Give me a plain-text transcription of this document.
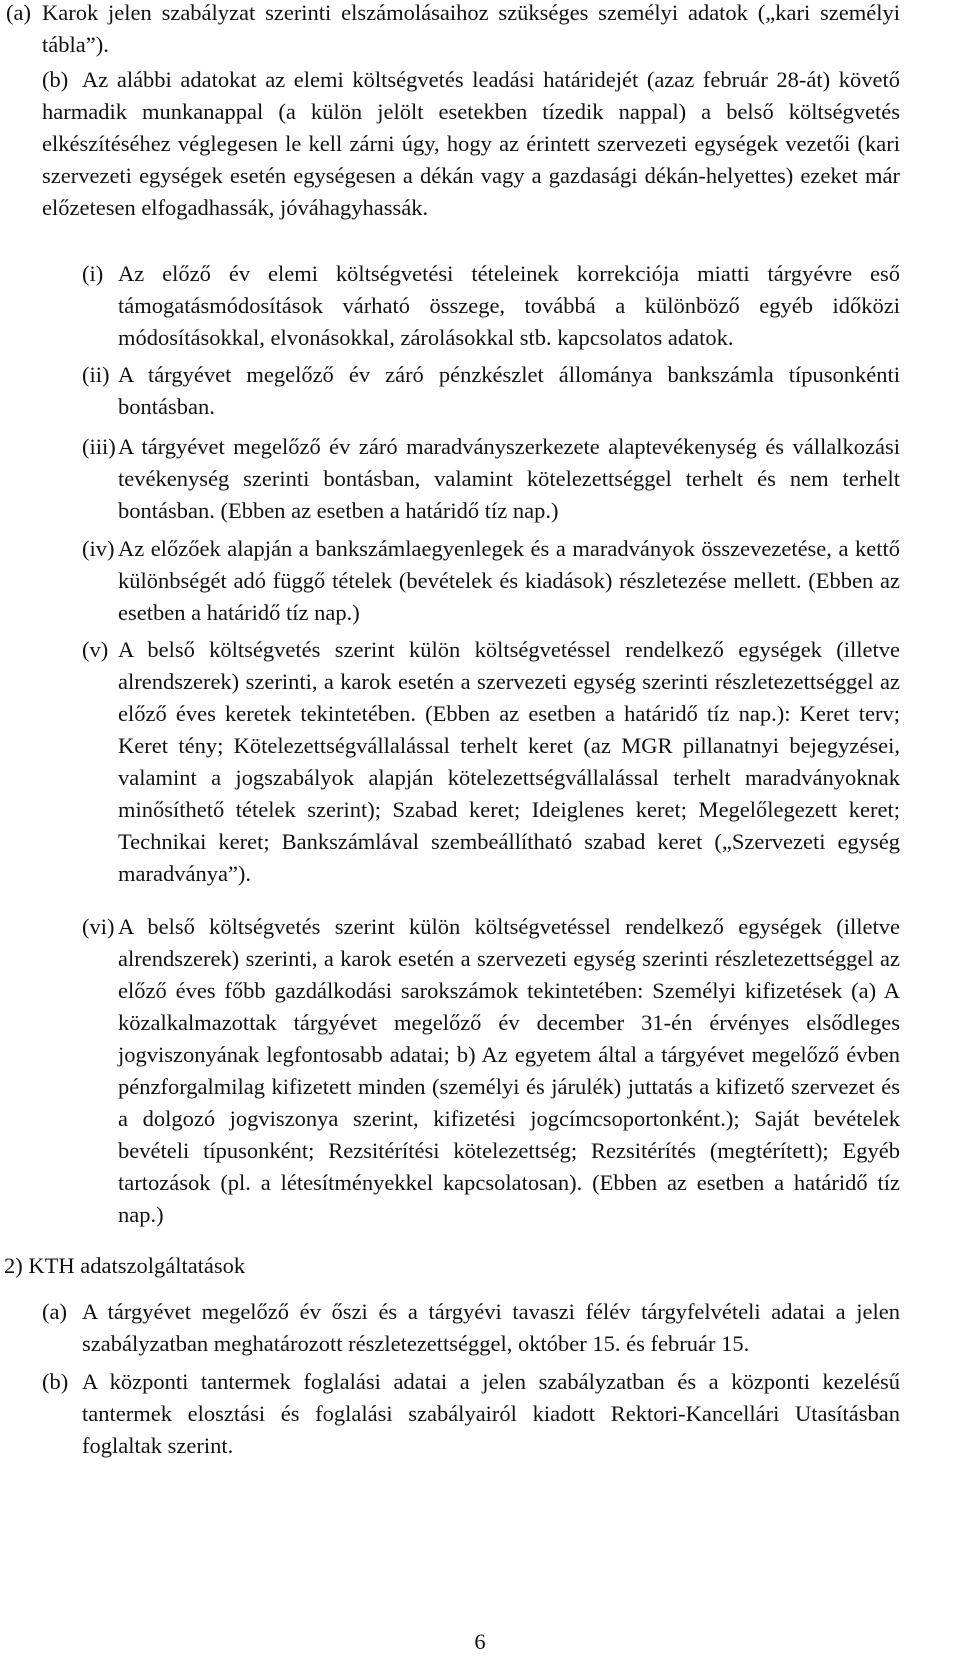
(a) Karok jelen szabályzat szerinti elszámolásaihoz szükséges személyi adatok („kari személyi tábla”).

(b) Az alábbi adatokat az elemi költségvetés leadási határidejét (azaz február 28-át) követő harmadik munkanappal (a külön jelölt esetekben tízedik nappal) a belső költségvetés elkészítéséhez véglegesen le kell zárni úgy, hogy az érintett szervezeti egységek vezetői (kari szervezeti egységek esetén egységesen a dékán vagy a gazdasági dékán-helyettes) ezeket már előzetesen elfogadhassák, jóváhagyhassák.

(i) Az előző év elemi költségvetési tételeinek korrekciója miatti tárgyévre eső támogatásmódosítások várható összege, továbbá a különböző egyéb időközi módosításokkal, elvonásokkal, zárolásokkal stb. kapcsolatos adatok.

(ii) A tárgyévet megelőző év záró pénzkészlet állománya bankszámla típusonkénti bontásban.

(iii) A tárgyévet megelőző év záró maradványszerkezete alaptevékenység és vállalkozási tevékenység szerinti bontásban, valamint kötelezettséggel terhelt és nem terhelt bontásban. (Ebben az esetben a határidő tíz nap.)

(iv) Az előzőek alapján a bankszámlaegyenlegek és a maradványok összevezetése, a kettő különbségét adó függő tételek (bevételek és kiadások) részletezése mellett. (Ebben az esetben a határidő tíz nap.)

(v) A belső költségvetés szerint külön költségvetéssel rendelkező egységek (illetve alrendszerek) szerinti, a karok esetén a szervezeti egység szerinti részletezettséggel az előző éves keretek tekintetében. (Ebben az esetben a határidő tíz nap.): Keret terv; Keret tény; Kötelezettségvállalással terhelt keret (az MGR pillanatnyi bejegyzései, valamint a jogszabályok alapján kötelezettségvállalással terhelt maradványoknak minősíthető tételek szerint); Szabad keret; Ideiglenes keret; Megelőlegezett keret; Technikai keret; Bankszámlával szembeállítható szabad keret („Szervezeti egység maradványa”).

(vi) A belső költségvetés szerint külön költségvetéssel rendelkező egységek (illetve alrendszerek) szerinti, a karok esetén a szervezeti egység szerinti részletezettséggel az előző éves főbb gazdálkodási sarokszámok tekintetében: Személyi kifizetések (a) A közalkalmazottak tárgyévet megelőző év december 31-én érvényes elsődleges jogviszonyának legfontosabb adatai; b) Az egyetem által a tárgyévet megelőző évben pénzforgalmilag kifizetett minden (személyi és járulék) juttatás a kifizető szervezet és a dolgozó jogviszonya szerint, kifizetési jogcímcsoportonként.); Saját bevételek bevételi típusonként; Rezsitérítési kötelezettség; Rezsitérítés (megtérített); Egyéb tartozások (pl. a létesítményekkel kapcsolatosan). (Ebben az esetben a határidő tíz nap.)

2) KTH adatszolgáltatások
(a) A tárgyévet megelőző év őszi és a tárgyévi tavaszi félév tárgyfelvételi adatai a jelen szabályzatban meghatározott részletezettséggel, október 15. és február 15.

(b) A központi tantermek foglalási adatai a jelen szabályzatban és a központi kezelésű tantermek elosztási és foglalási szabályairól kiadott Rektori-Kancellári Utasításban foglaltak szerint.

6
